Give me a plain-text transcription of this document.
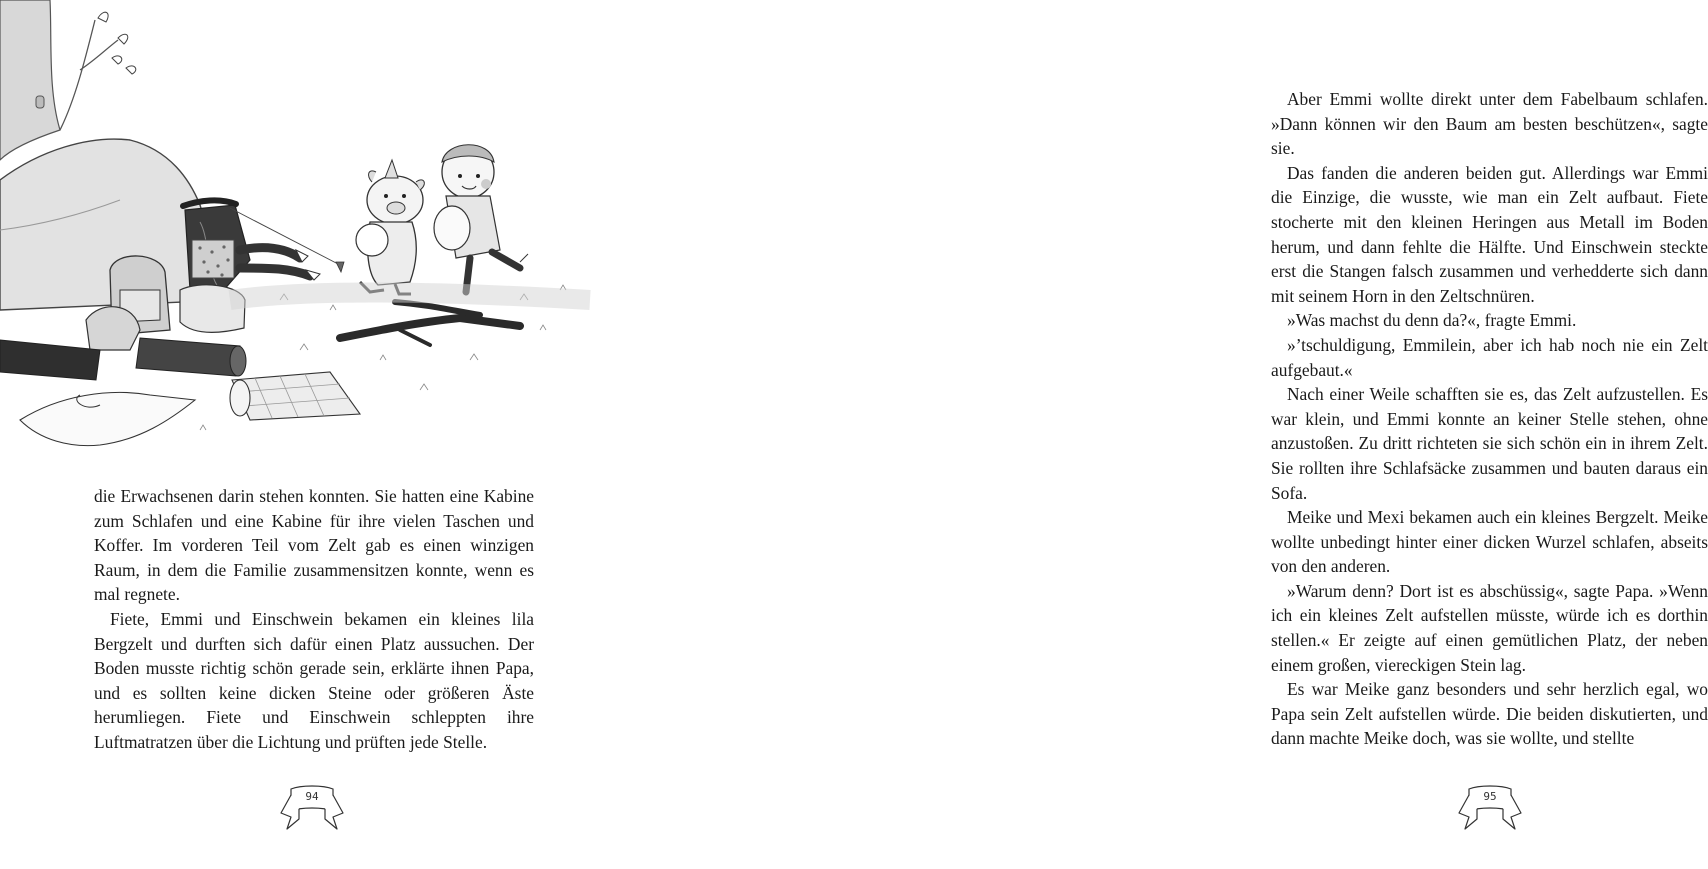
die Erwachsenen darin stehen konnten. Sie hatten eine Kabine zum Schlafen und eine Kabine für ihre vielen Taschen und Koffer. Im vorderen Teil vom Zelt gab es einen winzigen Raum, in dem die Familie zusammensitzen konnte, wenn es mal regnete.

Fiete, Emmi und Einschwein bekamen ein kleines lila Bergzelt und durften sich dafür einen Platz aussuchen. Der Boden musste richtig schön gerade sein, erklärte ihnen Papa, und es sollten keine dicken Steine oder größeren Äste herumliegen. Fiete und Einschwein schleppten ihre Luftmatratzen über die Lichtung und prüften jede Stelle.

94

Aber Emmi wollte direkt unter dem Fabelbaum schlafen. »Dann können wir den Baum am besten beschützen«, sagte sie.

Das fanden die anderen beiden gut. Allerdings war Emmi die Einzige, die wusste, wie man ein Zelt aufbaut. Fiete stocherte mit den kleinen Heringen aus Metall im Boden herum, und dann fehlte die Hälfte. Und Einschwein steckte erst die Stangen falsch zusammen und verhedderte sich dann mit seinem Horn in den Zeltschnüren.

»Was machst du denn da?«, fragte Emmi.

»’tschuldigung, Emmilein, aber ich hab noch nie ein Zelt aufgebaut.«

Nach einer Weile schafften sie es, das Zelt aufzustellen. Es war klein, und Emmi konnte an keiner Stelle stehen, ohne anzustoßen. Zu dritt richteten sie sich schön ein in ihrem Zelt. Sie rollten ihre Schlafsäcke zusammen und bauten daraus ein Sofa.

Meike und Mexi bekamen auch ein kleines Bergzelt. Meike wollte unbedingt hinter einer dicken Wurzel schlafen, abseits von den anderen.

»Warum denn? Dort ist es abschüssig«, sagte Papa. »Wenn ich ein kleines Zelt aufstellen müsste, würde ich es dorthin stellen.« Er zeigte auf einen gemütlichen Platz, der neben einem großen, viereckigen Stein lag.

Es war Meike ganz besonders und sehr herzlich egal, wo Papa sein Zelt aufstellen würde. Die beiden diskutierten, und dann machte Meike doch, was sie wollte, und stellte

95
